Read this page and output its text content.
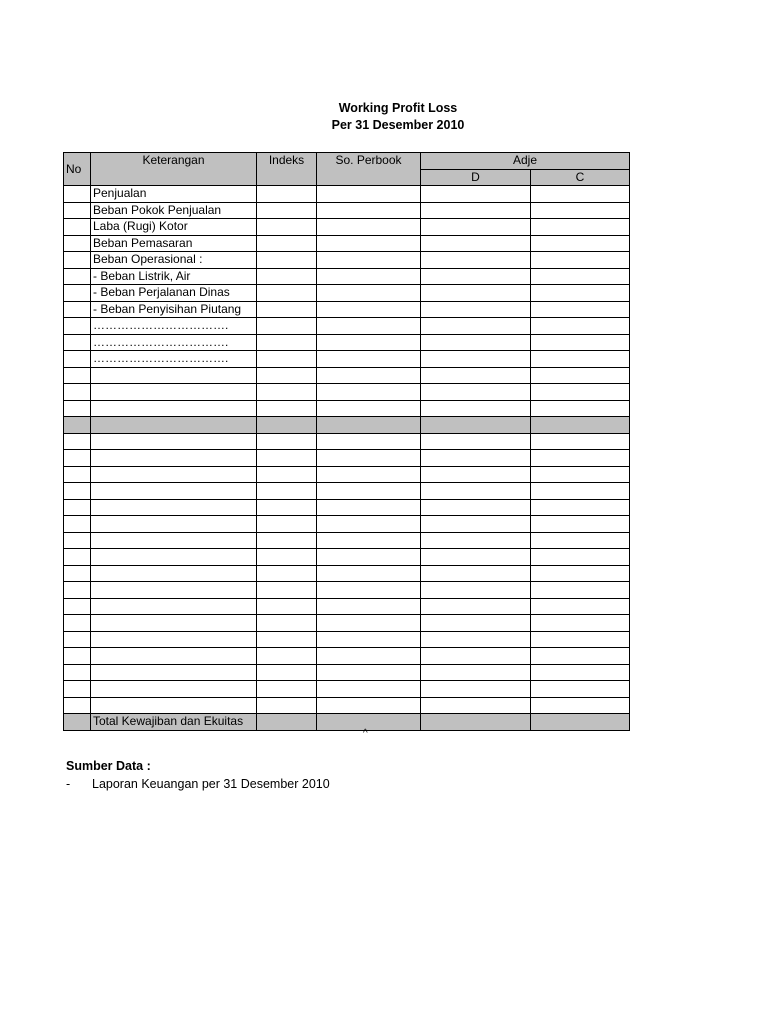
Working Profit Loss
Per 31 Desember 2010
No	Keterangan	Indeks	So. Perbook	Adje	
				D	C
	Penjualan				
	Beban Pokok Penjualan				
	Laba (Rugi) Kotor				
	Beban Pemasaran				
	Beban Operasional :				
	- Beban Listrik, Air				
	- Beban Perjalanan Dinas				
	- Beban Penyisihan Piutang				
	…………………………….				
	…………………………….				
	…………………………….				

	Total Kewajiban dan Ekuitas				
^
Sumber Data :
- Laporan Keuangan per 31 Desember 2010
